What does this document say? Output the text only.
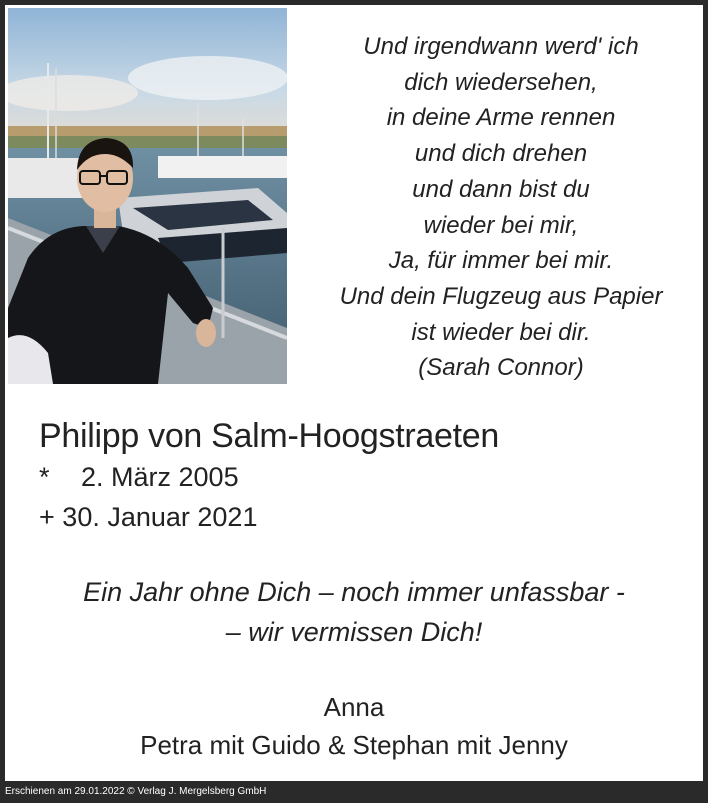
Und irgendwann werd' ich
dich wiedersehen,
in deine Arme rennen
und dich drehen
und dann bist du
wieder bei mir,
Ja, für immer bei mir.
Und dein Flugzeug aus Papier
ist wieder bei dir.
(Sarah Connor)
Philipp von Salm-Hoogstraeten
* 2. März 2005
+ 30. Januar 2021
Ein Jahr ohne Dich – noch immer unfassbar -
– wir vermissen Dich!
Anna
Petra mit Guido & Stephan mit Jenny
Erschienen am 29.01.2022 © Verlag J. Mergelsberg GmbH
